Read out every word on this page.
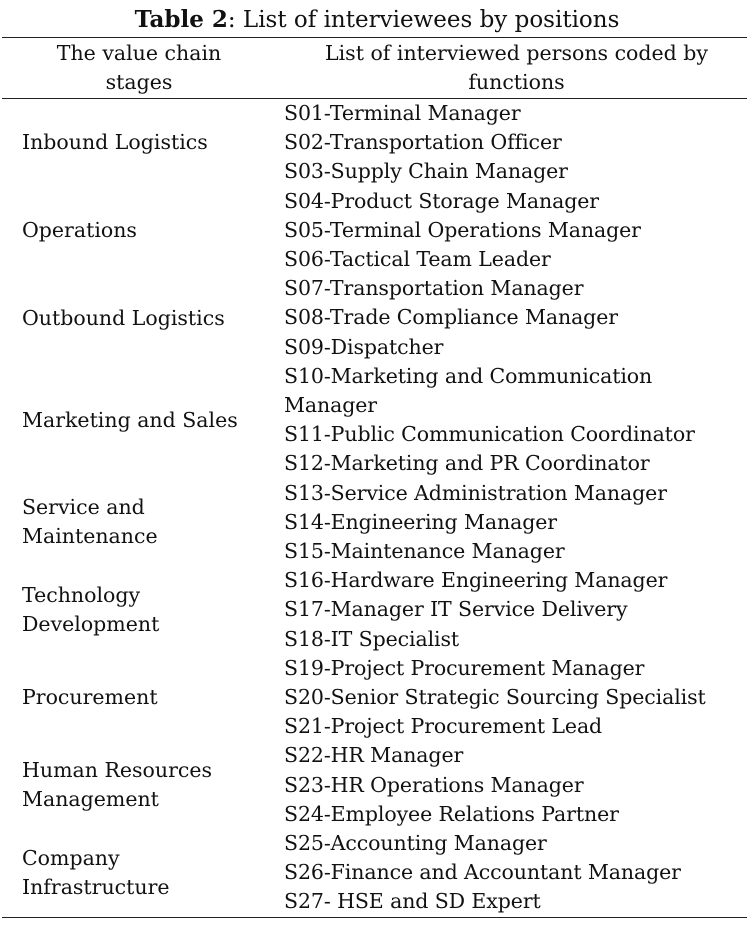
Table 2: List of interviewees by positions
The value chain
stages
List of interviewed persons coded by
functions
Inbound Logistics
S01-Terminal Manager
S02-Transportation Officer
S03-Supply Chain Manager
Operations
S04-Product Storage Manager
S05-Terminal Operations Manager
S06-Tactical Team Leader
Outbound Logistics
S07-Transportation Manager
S08-Trade Compliance Manager
S09-Dispatcher
Marketing and Sales
S10-Marketing and Communication Manager
S11-Public Communication Coordinator
S12-Marketing and PR Coordinator
Service and
Maintenance
S13-Service Administration Manager
S14-Engineering Manager
S15-Maintenance Manager
Technology
Development
S16-Hardware Engineering Manager
S17-Manager IT Service Delivery
S18-IT Specialist
Procurement
S19-Project Procurement Manager
S20-Senior Strategic Sourcing Specialist
S21-Project Procurement Lead
Human Resources
Management
S22-HR Manager
S23-HR Operations Manager
S24-Employee Relations Partner
Company
Infrastructure
S25-Accounting Manager
S26-Finance and Accountant Manager
S27- HSE and SD Expert
